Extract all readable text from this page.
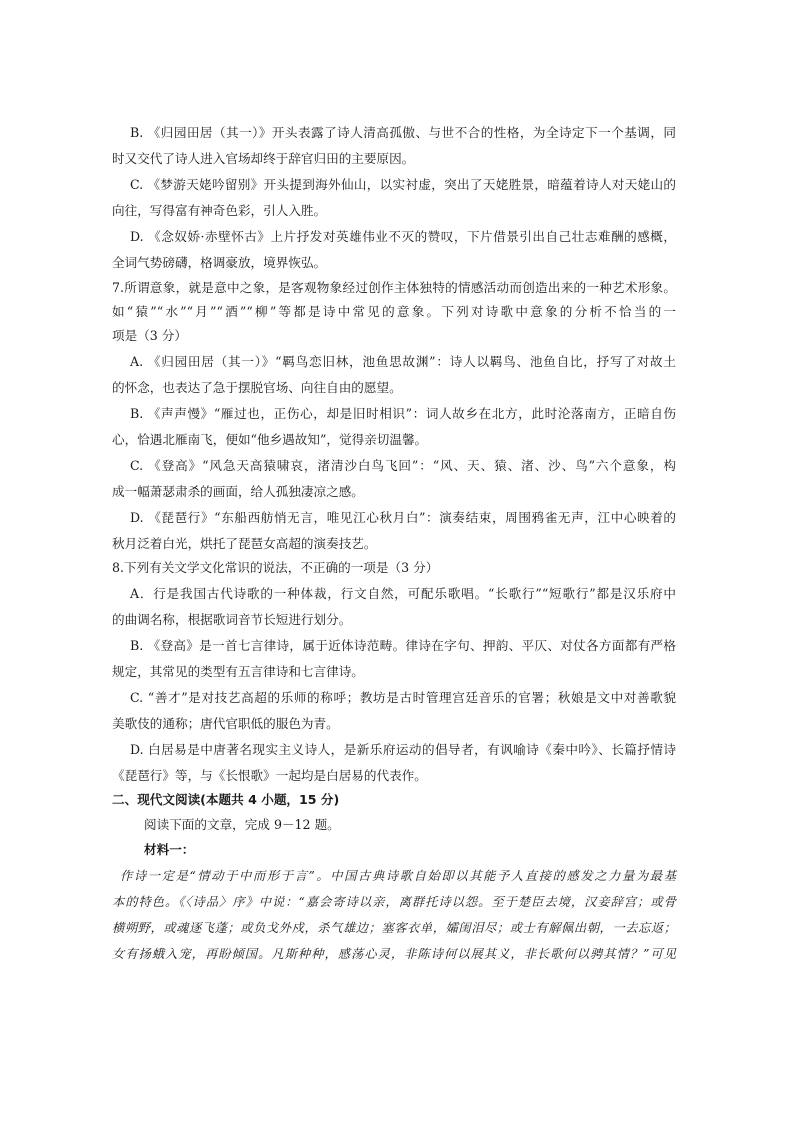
B. 《归园田居（其一）》开头表露了诗人清高孤傲、与世不合的性格，为全诗定下一个基调，同
时又交代了诗人进入官场却终于辞官归田的主要原因。
C. 《梦游天姥吟留别》开头提到海外仙山，以实衬虚，突出了天姥胜景，暗蕴着诗人对天姥山的
向往，写得富有神奇色彩，引人入胜。
D. 《念奴娇·赤壁怀古》上片抒发对英雄伟业不灭的赞叹，下片借景引出自己壮志难酬的感概，
全词气势磅礴，格调豪放，境界恢弘。
7.所谓意象，就是意中之象，是客观物象经过创作主体独特的情感活动而创造出来的一种艺术形象。
如“猿”“水”“月”“酒”“柳”等都是诗中常见的意象。下列对诗歌中意象的分析不恰当的一
项是（3 分）
A. 《归园田居（其一）》“羁鸟恋旧林，池鱼思故渊”：诗人以羁鸟、池鱼自比，抒写了对故土
的怀念，也表达了急于摆脱官场、向往自由的愿望。
B. 《声声慢》“雁过也，正伤心，却是旧时相识”：词人故乡在北方，此时沦落南方，正暗自伤
心，恰遇北雁南飞，便如“他乡遇故知”，觉得亲切温馨。
C. 《登高》“风急天高猿啸哀，渚清沙白鸟飞回”：“风、天、猿、渚、沙、鸟”六个意象，构
成一幅萧瑟肃杀的画面，给人孤独凄凉之感。
D. 《琵琶行》“东船西舫悄无言，唯见江心秋月白”：演奏结束，周围鸦雀无声，江中心映着的
秋月泛着白光，烘托了琵琶女高超的演奏技艺。
8.下列有关文学文化常识的说法，不正确的一项是（3 分）
A．行是我国古代诗歌的一种体裁，行文自然，可配乐歌唱。“长歌行”“短歌行”都是汉乐府中
的曲调名称，根据歌词音节长短进行划分。
B. 《登高》是一首七言律诗，属于近体诗范畴。律诗在字句、押韵、平仄、对仗各方面都有严格
规定，其常见的类型有五言律诗和七言律诗。
C. “善才”是对技艺高超的乐师的称呼；教坊是古时管理宫廷音乐的官署；秋娘是文中对善歌貌
美歌伎的通称；唐代官职低的服色为青。
D. 白居易是中唐著名现实主义诗人，是新乐府运动的倡导者，有讽喻诗《秦中吟》、长篇抒情诗
《琵琶行》等，与《长恨歌》一起均是白居易的代表作。
二、现代文阅读(本题共 4 小题，15 分)
阅读下面的文章，完成 9－12 题。
材料一：
作诗一定是“情动于中而形于言”。中国古典诗歌自始即以其能予人直接的感发之力量为最基
本的特色。《〈诗品〉序》中说：“嘉会寄诗以亲，离群托诗以怨。至于楚臣去境，汉妾辞宫；或骨
横朔野，或魂逐飞蓬；或负戈外戍，杀气雄边；塞客衣单，孀闺泪尽；或士有解佩出朝，一去忘返；
女有扬蛾入宠，再盼倾国。凡斯种种，感荡心灵，非陈诗何以展其义，非长歌何以骋其情？”可见
